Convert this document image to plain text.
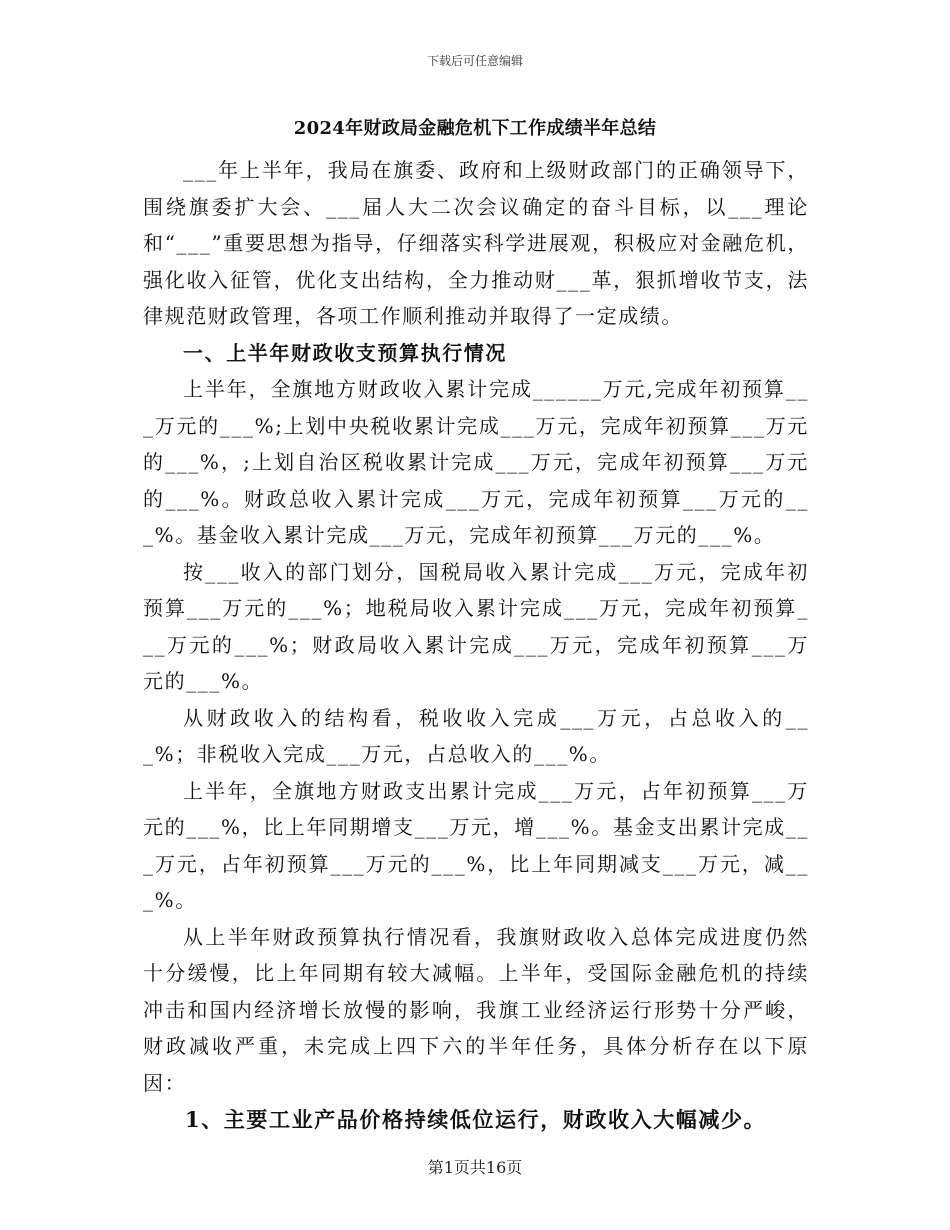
下载后可任意编辑
2024年财政局金融危机下工作成绩半年总结

___年上半年，我局在旗委、政府和上级财政部门的正确领导下，围绕旗委扩大会、___届人大二次会议确定的奋斗目标，以___理论和“___”重要思想为指导，仔细落实科学进展观，积极应对金融危机，强化收入征管，优化支出结构，全力推动财___革，狠抓增收节支，法律规范财政管理，各项工作顺利推动并取得了一定成绩。

一、上半年财政收支预算执行情况

上半年，全旗地方财政收入累计完成______万元,完成年初预算___万元的___%;上划中央税收累计完成___万元，完成年初预算___万元的___%，;上划自治区税收累计完成___万元，完成年初预算___万元的___%。财政总收入累计完成___万元，完成年初预算___万元的___%。基金收入累计完成___万元，完成年初预算___万元的___%。

按___收入的部门划分，国税局收入累计完成___万元，完成年初预算___万元的___%；地税局收入累计完成___万元，完成年初预算___万元的___%；财政局收入累计完成___万元，完成年初预算___万元的___%。

从财政收入的结构看，税收收入完成___万元，占总收入的___%；非税收入完成___万元，占总收入的___%。

上半年，全旗地方财政支出累计完成___万元，占年初预算___万元的___%，比上年同期增支___万元，增___%。基金支出累计完成___万元，占年初预算___万元的___%，比上年同期减支___万元，减___%。

从上半年财政预算执行情况看，我旗财政收入总体完成进度仍然十分缓慢，比上年同期有较大减幅。上半年，受国际金融危机的持续冲击和国内经济增长放慢的影响，我旗工业经济运行形势十分严峻，财政减收严重，未完成上四下六的半年任务，具体分析存在以下原因：

1、主要工业产品价格持续低位运行，财政收入大幅减少。

第1页共16页
